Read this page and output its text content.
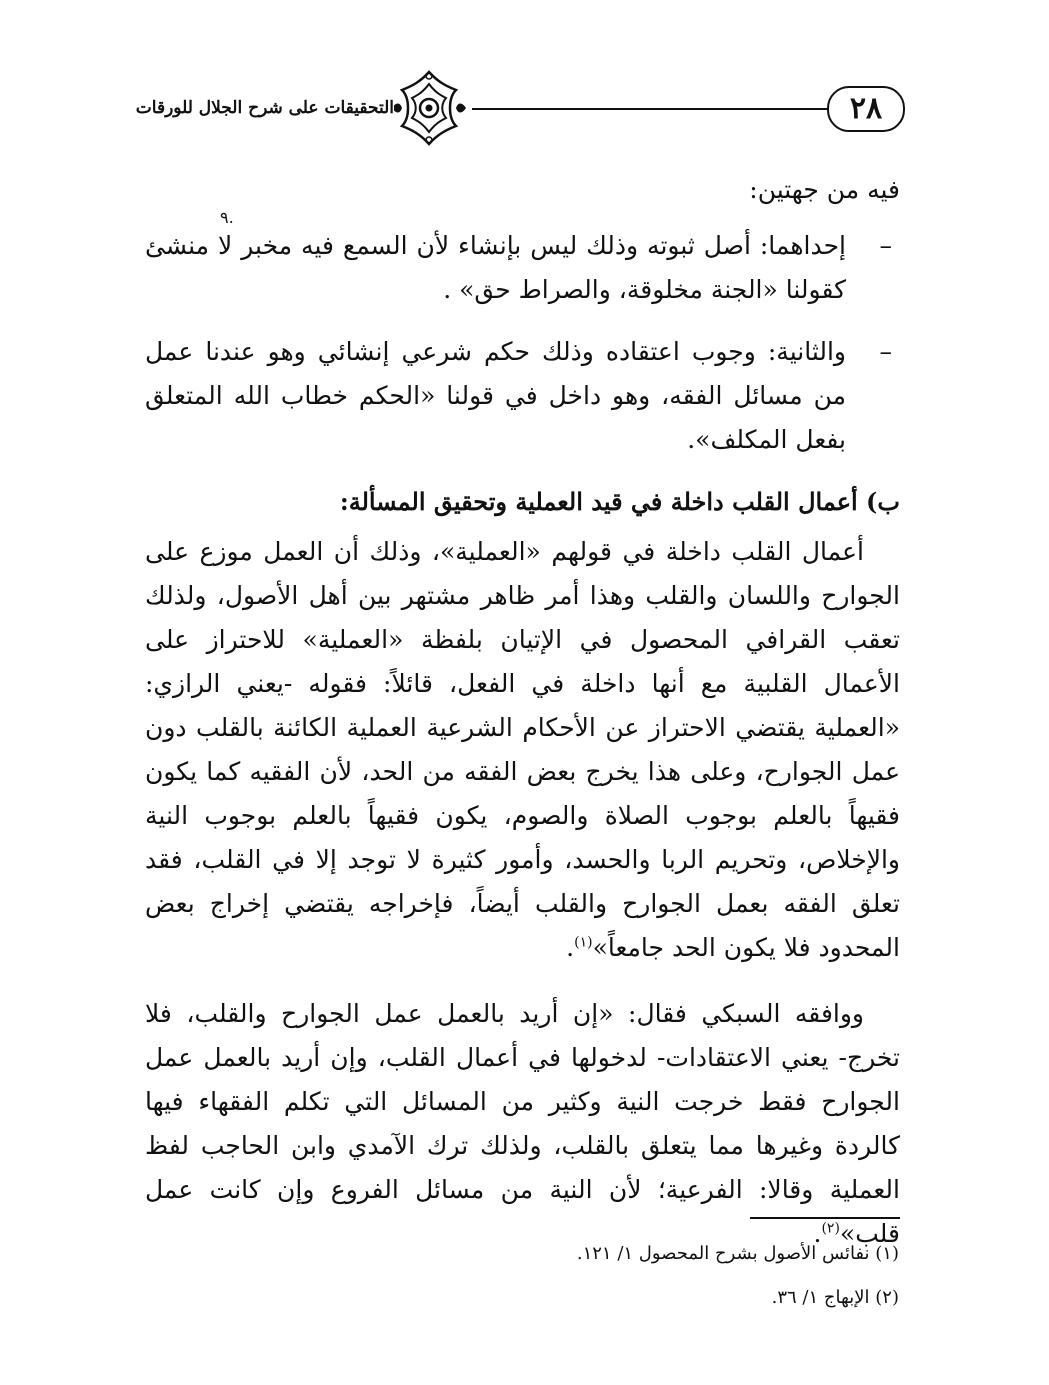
٢٨
التحقيقات على شرح الجلال للورقات
٩.

فيه من جهتين:

–
إحداهما: أصل ثبوته وذلك ليس بإنشاء لأن السمع فيه مخبر لا منشئ كقولنا «الجنة مخلوقة، والصراط حق» .
–
والثانية: وجوب اعتقاده وذلك حكم شرعي إنشائي وهو عندنا عمل من مسائل الفقه، وهو داخل في قولنا «الحكم خطاب الله المتعلق بفعل المكلف».

ب) أعمال القلب داخلة في قيد العملية وتحقيق المسألة:

أعمال القلب داخلة في قولهم «العملية»، وذلك أن العمل موزع على الجوارح واللسان والقلب وهذا أمر ظاهر مشتهر بين أهل الأصول، ولذلك تعقب القرافي المحصول في الإتيان بلفظة «العملية» للاحتراز على الأعمال القلبية مع أنها داخلة في الفعل، قائلاً: فقوله -يعني الرازي: «العملية يقتضي الاحتراز عن الأحكام الشرعية العملية الكائنة بالقلب دون عمل الجوارح، وعلى هذا يخرج بعض الفقه من الحد، لأن الفقيه كما يكون فقيهاً بالعلم بوجوب الصلاة والصوم، يكون فقيهاً بالعلم بوجوب النية والإخلاص، وتحريم الربا والحسد، وأمور كثيرة لا توجد إلا في القلب، فقد تعلق الفقه بعمل الجوارح والقلب أيضاً، فإخراجه يقتضي إخراج بعض المحدود فلا يكون الحد جامعاً»$^{(١)}$.

ووافقه السبكي فقال: «إن أريد بالعمل عمل الجوارح والقلب، فلا تخرج- يعني الاعتقادات- لدخولها في أعمال القلب، وإن أريد بالعمل عمل الجوارح فقط خرجت النية وكثير من المسائل التي تكلم الفقهاء فيها كالردة وغيرها مما يتعلق بالقلب، ولذلك ترك الآمدي وابن الحاجب لفظ العملية وقالا: الفرعية؛ لأن النية من مسائل الفروع وإن كانت عمل قلب»$^{(٢)}$.

(١) نفائس الأصول بشرح المحصول ١/ ١٢١.

(٢) الإبهاج ١/ ٣٦.
